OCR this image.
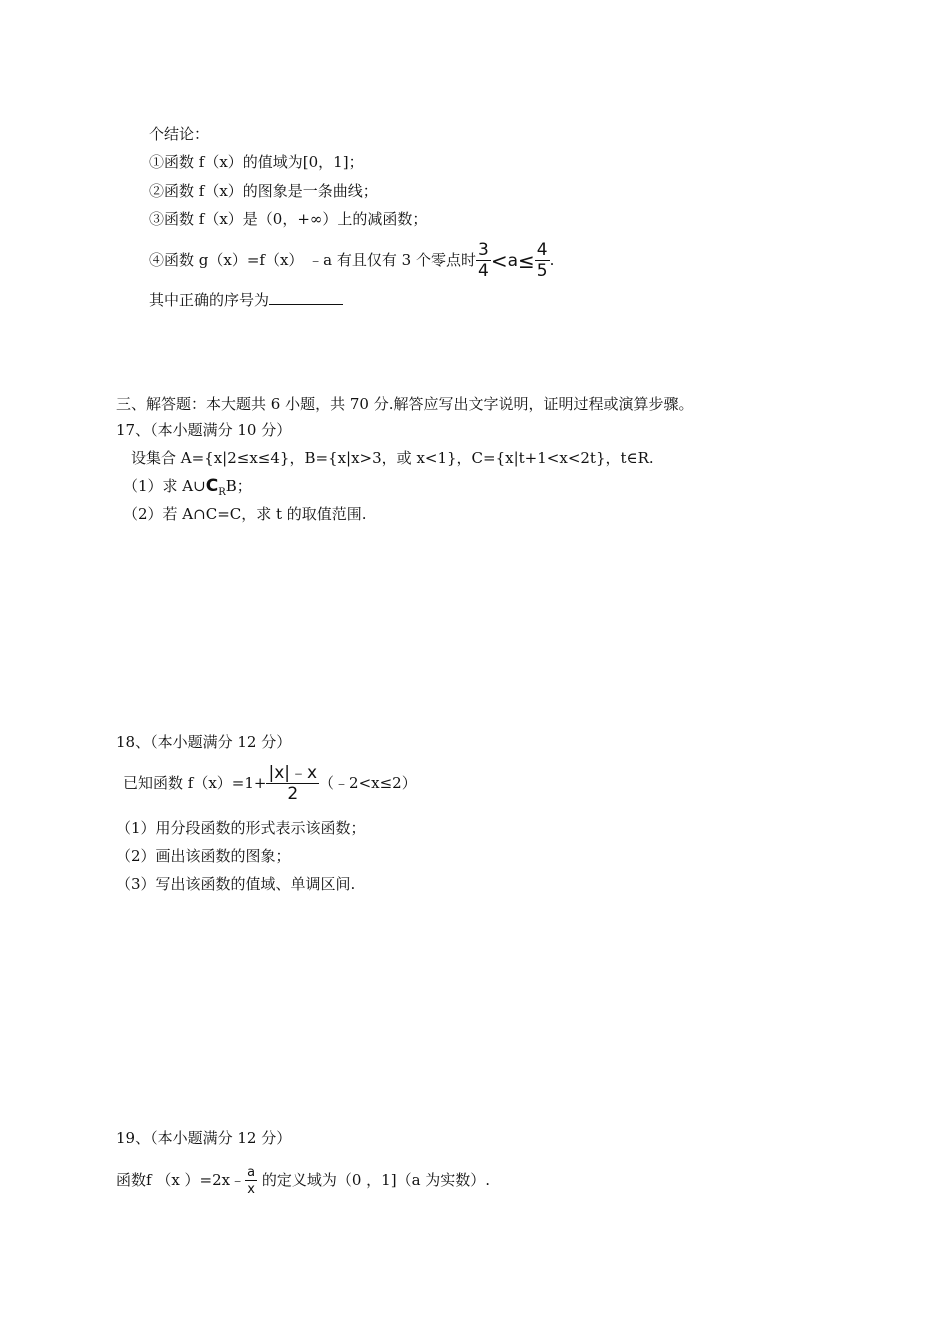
个结论：
①函数 f（x）的值域为[0，1]；
②函数 f（x）的图象是一条曲线；
③函数 f（x）是（0，+∞）上的减函数；
④函数 g（x）=f（x） ﹣a 有且仅有 3 个零点时 $\frac{3}{4} <a\le \frac{4}{5}$ .
其中正确的序号为
三、解答题：本大题共 6 小题，共 70 分.解答应写出文字说明，证明过程或演算步骤。
17、（本小题满分 10 分）
设集合 A={x|2≤x≤4}，B={x|x>3，或 x<1}，C={x|t+1<x<2t}，t∈R.
（1）求 $A\cup C_RB$；
（2）若 A∩C=C，求 t 的取值范围.
18、（本小题满分 12 分）
已知函数 $f(x)=1+ \frac{|x|﹣x}{2}$ （﹣2<x≤2）
（1）用分段函数的形式表示该函数；
（2）画出该函数的图象；
（3）写出该函数的值域、单调区间.
19、（本小题满分 12 分）
函数f （x ）=2x﹣ $\frac{a}{x}$ 的定义域为（0 ，1]（a 为实数）.
